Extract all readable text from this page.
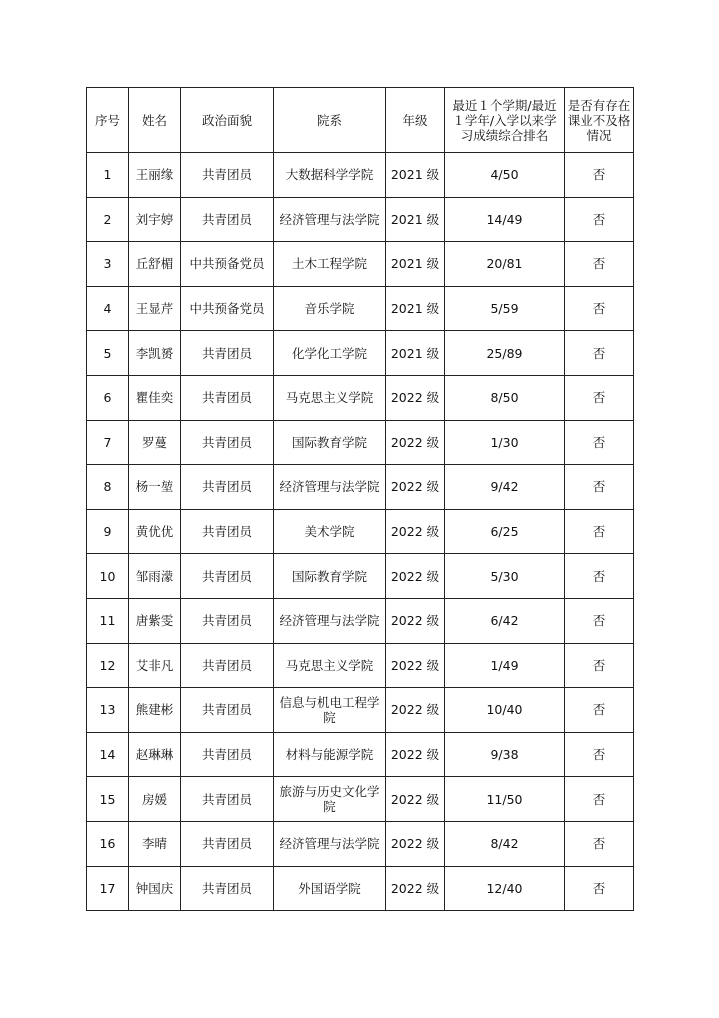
序号	姓名	政治面貌	院系	年级	最近１个学期/最近１学年/入学以来学习成绩综合排名	是否有存在课业不及格情况
1	王丽缘	共青团员	大数据科学学院	2021 级	4/50	否
2	刘宇婷	共青团员	经济管理与法学院	2021 级	14/49	否
3	丘舒楣	中共预备党员	土木工程学院	2021 级	20/81	否
4	王显芹	中共预备党员	音乐学院	2021 级	5/59	否
5	李凯赟	共青团员	化学化工学院	2021 级	25/89	否
6	瞿佳奕	共青团员	马克思主义学院	2022 级	8/50	否
7	罗蔓	共青团员	国际教育学院	2022 级	1/30	否
8	杨一堃	共青团员	经济管理与法学院	2022 级	9/42	否
9	黄优优	共青团员	美术学院	2022 级	6/25	否
10	邹雨濛	共青团员	国际教育学院	2022 级	5/30	否
11	唐紫雯	共青团员	经济管理与法学院	2022 级	6/42	否
12	艾非凡	共青团员	马克思主义学院	2022 级	1/49	否
13	熊建彬	共青团员	信息与机电工程学院	2022 级	10/40	否
14	赵琳琳	共青团员	材料与能源学院	2022 级	9/38	否
15	房媛	共青团员	旅游与历史文化学院	2022 级	11/50	否
16	李晴	共青团员	经济管理与法学院	2022 级	8/42	否
17	钟国庆	共青团员	外国语学院	2022 级	12/40	否
